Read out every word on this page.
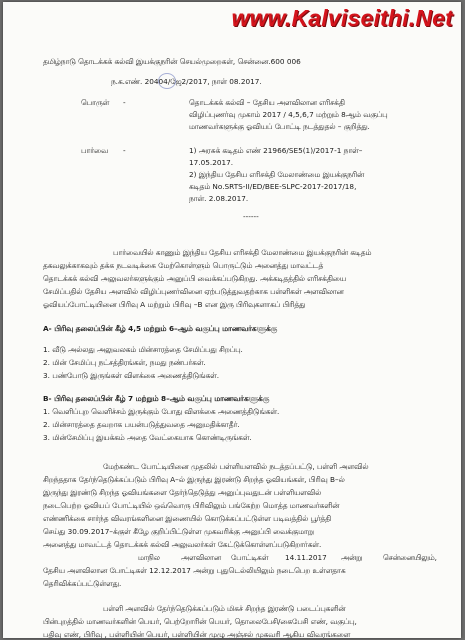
www.Kalviseithi.Net
தமிழ்நாடு தொடக்கக் கல்வி இயக்குநரின் செயல்முறைகள், சென்னை.600 006
ந.க.எண். 20404/ஜே2/2017, நாள் 08.2017.
பொருள் -	தொடக்கக் கல்வி – தேசிய அளவிலான எரிசக்தி
விழிப்புணர்வு முகாம் 2017 / 4,5,6,7 மற்றும் 8ஆம் வகுப்பு
மாணவர்களுக்கு ஓவியப் போட்டி நடத்துதல் – குறித்து.
பார்வை -	1) அரசுக் கடிதம் எண் 21966/SE5(1)/2017-1 நாள்–
17.05.2017.
2) இந்திய தேசிய எரிசக்தி மேலாண்மை இயக்குநரின்
கடிதம் No.SRTS-II/ED/BEE-SLPC-2017-2017/18,
நாள். 2.08.2017.
------
பார்வையில் காணும் இந்திய தேசிய எரிசக்தி மேலாண்மை இயக்குநரின் கடிதம்
தகவலுக்காகவும் தக்க நடவடிக்கை மேற்கொள்ளும் பொருட்டும் அனைத்து மாவட்டத்
தொடக்கக் கல்வி அலுவலர்களுக்கும் அனுப்பி வைக்கப்படுகிறது. அக்கடிதத்தில் எரிசக்தியை
சேமிப்பதில் தேசிய அளவில் விழிப்புணர்வினை ஏற்படுத்துவதற்காக பள்ளிகள் அளவிலான
ஓவியப்போட்டியினை பிரிவு A மற்றும் பிரிவு –B என இரு பிரிவுகளாகப் பிரித்து
A- பிரிவு தலைப்பின் கீழ் 4,5 மற்றும் 6–ஆம் வகுப்பு மாணவர்களுக்கு
1. வீடு அல்லது அலுவலகம் மின்சாரத்தை சேமிப்பது சிறப்பு.
2. மின் சேமிப்பு நட்சத்திரங்கள், நமது நண்பர்கள்.
3. பண்போடு இருங்கள் விளக்கை அணைத்திடுங்கள்.
B- பிரிவு தலைப்பின் கீழ் 7 மற்றும் 8–ஆம் வகுப்பு மாணவர்களுக்கு
1. வெளிப்புற வெளிச்சம் இருக்கும் போது விளக்கை அணைத்திடுங்கள்.
2. மின்சாரத்தை தவறாக பயன்படுத்துவதை அனுமதிக்காதீர்.
3. மின்சேமிப்பு இயக்கம் அதை வேட்கையாக கொண்டிருங்கள்.
மேற்கண்ட போட்டியினை முதலில் பள்ளியளவில் நடத்தப்பட்டு, பள்ளி அளவில்
சிறந்ததாக தேர்ந்தெடுக்கப்படும் பிரிவு A–ல் இருந்து இரண்டு சிறந்த ஓவியங்கள், பிரிவு B–ல்
இருந்து இரண்டு சிறந்த ஓவியங்களை தேர்ந்தெடுத்து அனுப்புவதுடன் பள்ளியளவில்
நடைபெற்ற ஓவியப் போட்டியில் ஒவ்வொரு பிரிவிலும் பங்கேற்ற மொத்த மாணவர்களின்
எண்ணிக்கை சார்ந்த விவரங்களினை இணையில் கொடுக்கப்பட்டுள்ள படிவத்தில் பூர்த்தி
செய்து 30.09.2017–க்குள் கீழே குறிப்பிட்டுள்ள முகவரிக்கு அனுப்பி வைக்குமாறு
அனைத்து மாவட்டத் தொடக்கக் கல்வி அலுவலர்கள் கேட்டுக்கொள்ளப்படுகிறார்கள்.
மாநில	அளவிலான போட்டிகள் 14.11.2017 அன்று	சென்னையிலும்,
தேசிய அளவிலான போட்டிகள் 12.12.2017 அன்று புதுடெல்லியிலும் நடைபெற உள்ளதாக
தெரிவிக்கப்பட்டுள்ளது.
பள்ளி அளவில் தேர்ந்தெடுக்கப்படும் மிகச் சிறந்த இரண்டு படைப்புகளின்
பின்புறத்தில் மாணவர்களின் பெயர், பெற்றோரின் பெயர், தொலைபேசி/கைபேசி எண், வகுப்பு,
பதிவு எண், பிரிவு , பள்ளியின் பெயர், பள்ளியின் முழு அஞ்சல் முகவரி ஆகிய விவரங்களை
